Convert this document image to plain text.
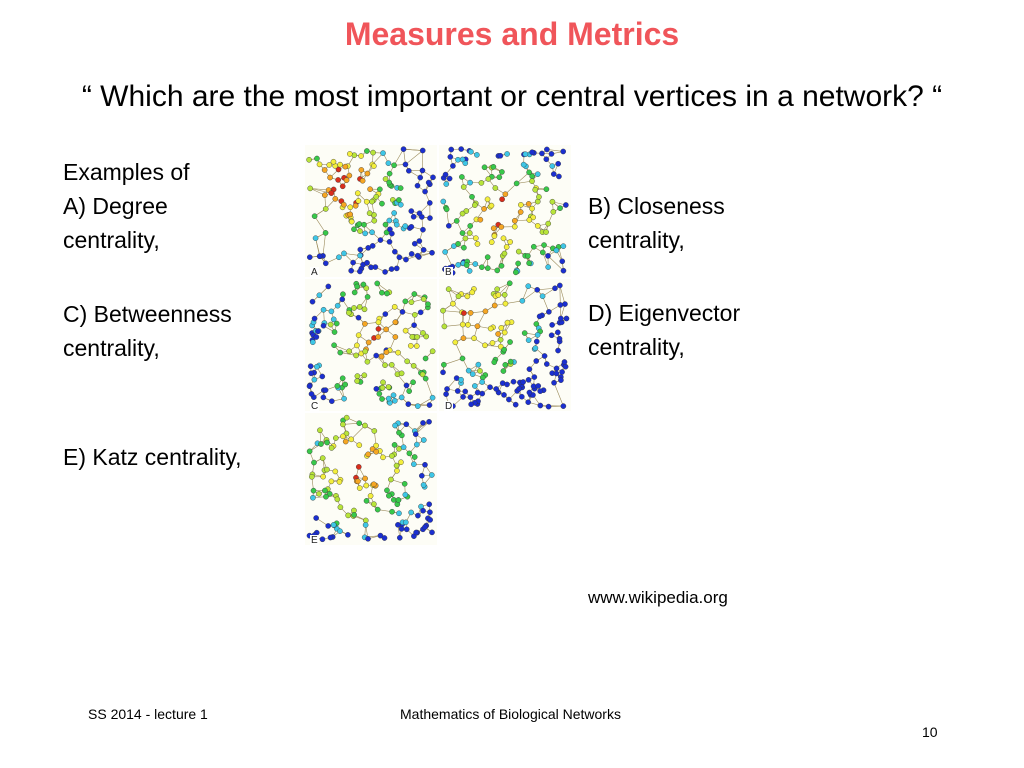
Measures and Metrics
“ Which are the most important or central vertices in a network? “
Examples of
A) Degree
centrality,
C) Betweenness
centrality,
E) Katz centrality,
B) Closeness
centrality,
D) Eigenvector
centrality,
A	B
C	D
E
www.wikipedia.org
SS 2014 - lecture 1	Mathematics of Biological Networks
10
